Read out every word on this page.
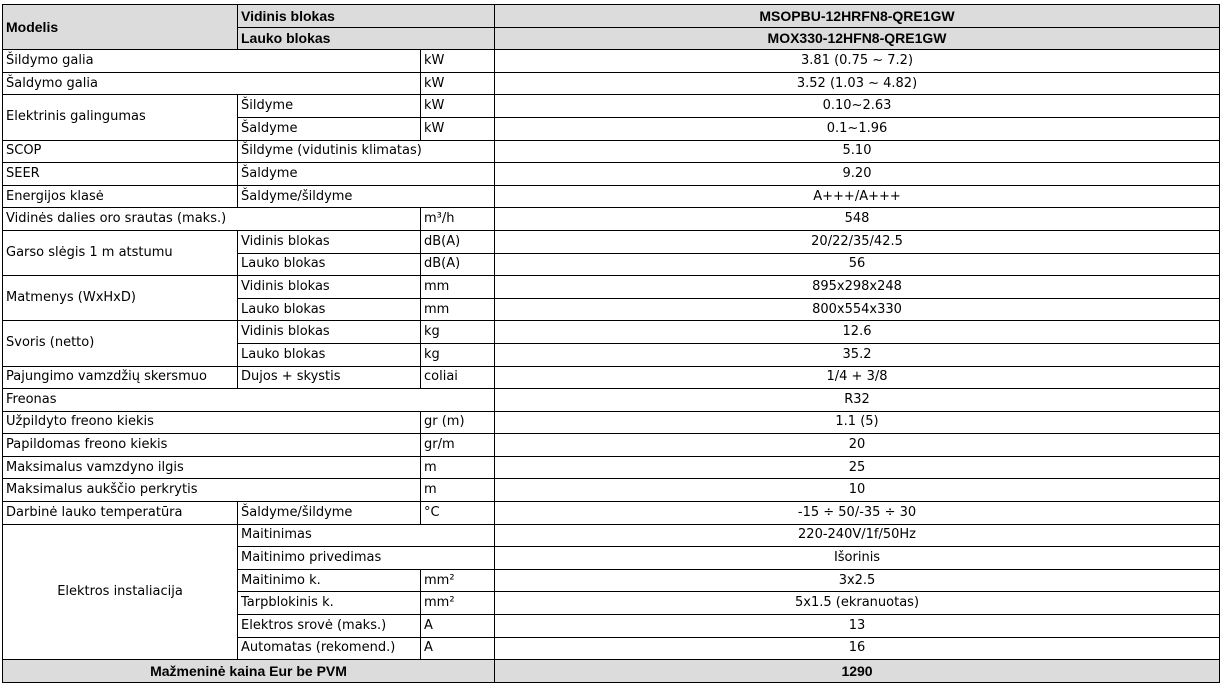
Modelis	Vidinis blokas		MSOPBU-12HRFN8-QRE1GW
	Lauko blokas		MOX330-12HFN8-QRE1GW
Šildymo galia		kW	3.81 (0.75 ~ 7.2)
Šaldymo galia		kW	3.52 (1.03 ~ 4.82)
Elektrinis galingumas	Šildyme	kW	0.10~2.63
	Šaldyme	kW	0.1~1.96
SCOP	Šildyme (vidutinis klimatas)		5.10
SEER	Šaldyme		9.20
Energijos klasė	Šaldyme/šildyme		A+++/A+++
Vidinės dalies oro srautas (maks.)		m³/h	548
Garso slėgis 1 m atstumu	Vidinis blokas	dB(A)	20/22/35/42.5
	Lauko blokas	dB(A)	56
Matmenys (WxHxD)	Vidinis blokas	mm	895x298x248
	Lauko blokas	mm	800x554x330
Svoris (netto)	Vidinis blokas	kg	12.6
	Lauko blokas	kg	35.2
Pajungimo vamzdžių skersmuo	Dujos + skystis	coliai	1/4 + 3/8
Freonas			R32
Užpildyto freono kiekis		gr (m)	1.1 (5)
Papildomas freono kiekis		gr/m	20
Maksimalus vamzdyno ilgis		m	25
Maksimalus aukščio perkrytis		m	10
Darbinė lauko temperatūra	Šaldyme/šildyme	°C	-15 ÷ 50/-35 ÷ 30
Elektros instaliacija	Maitinimas		220-240V/1f/50Hz
	Maitinimo privedimas		Išorinis
	Maitinimo k.	mm²	3x2.5
	Tarpblokinis k.	mm²	5x1.5 (ekranuotas)
	Elektros srovė (maks.)	A	13
	Automatas (rekomend.)	A	16
Mažmeninė kaina Eur be PVM			1290
